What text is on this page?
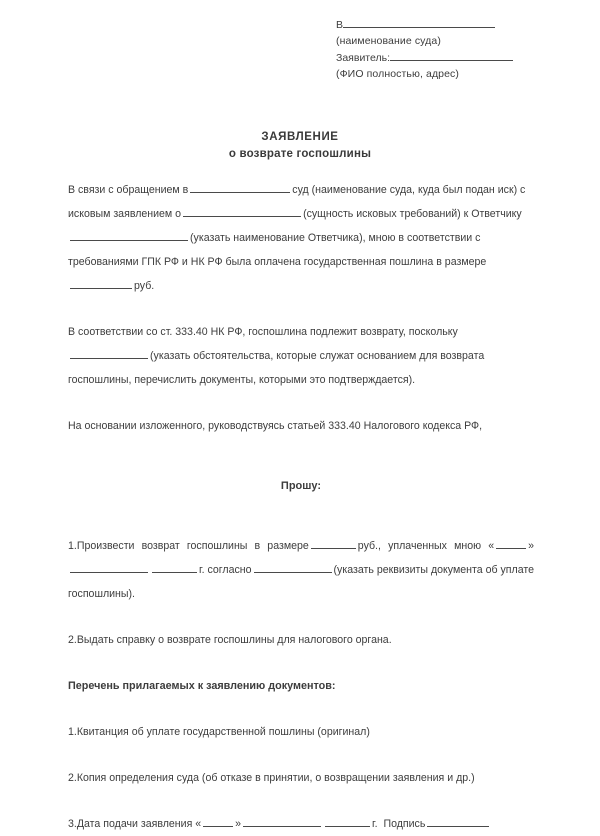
В
(наименование суда)
Заявитель:
(ФИО полностью, адрес)
ЗАЯВЛЕНИЕ
о возврате госпошлины

В связи с обращением в	суд (наименование суда, куда был подан иск) с исковым заявлением о	(сущность исковых требований) к Ответчику(указать наименование Ответчика), мною в соответствии с требованиями ГПК РФ и НК РФ была оплачена государственная пошлина в размереруб.

В соответствии со ст. 333.40 НК РФ, госпошлина подлежит возврату, поскольку (указать обстоятельства, которые служат основанием для возврата госпошлины, перечислить документы, которыми это подтверждается).

На основании изложенного, руководствуясь статьей 333.40 Налогового кодекса РФ,

Прошу:

1.Произвести возврат госпошлины в размере	руб., уплаченных мною «	»г. согласно	(указать реквизиты документа об уплате госпошлины).

2.Выдать справку о возврате госпошлины для налогового органа.

Перечень прилагаемых к заявлению документов:

1.Квитанция об уплате государственной пошлины (оригинал)

2.Копия определения суда (об отказе в принятии, о возвращении заявления и др.)

3.Дата подачи заявления «	»	г. Подпись
